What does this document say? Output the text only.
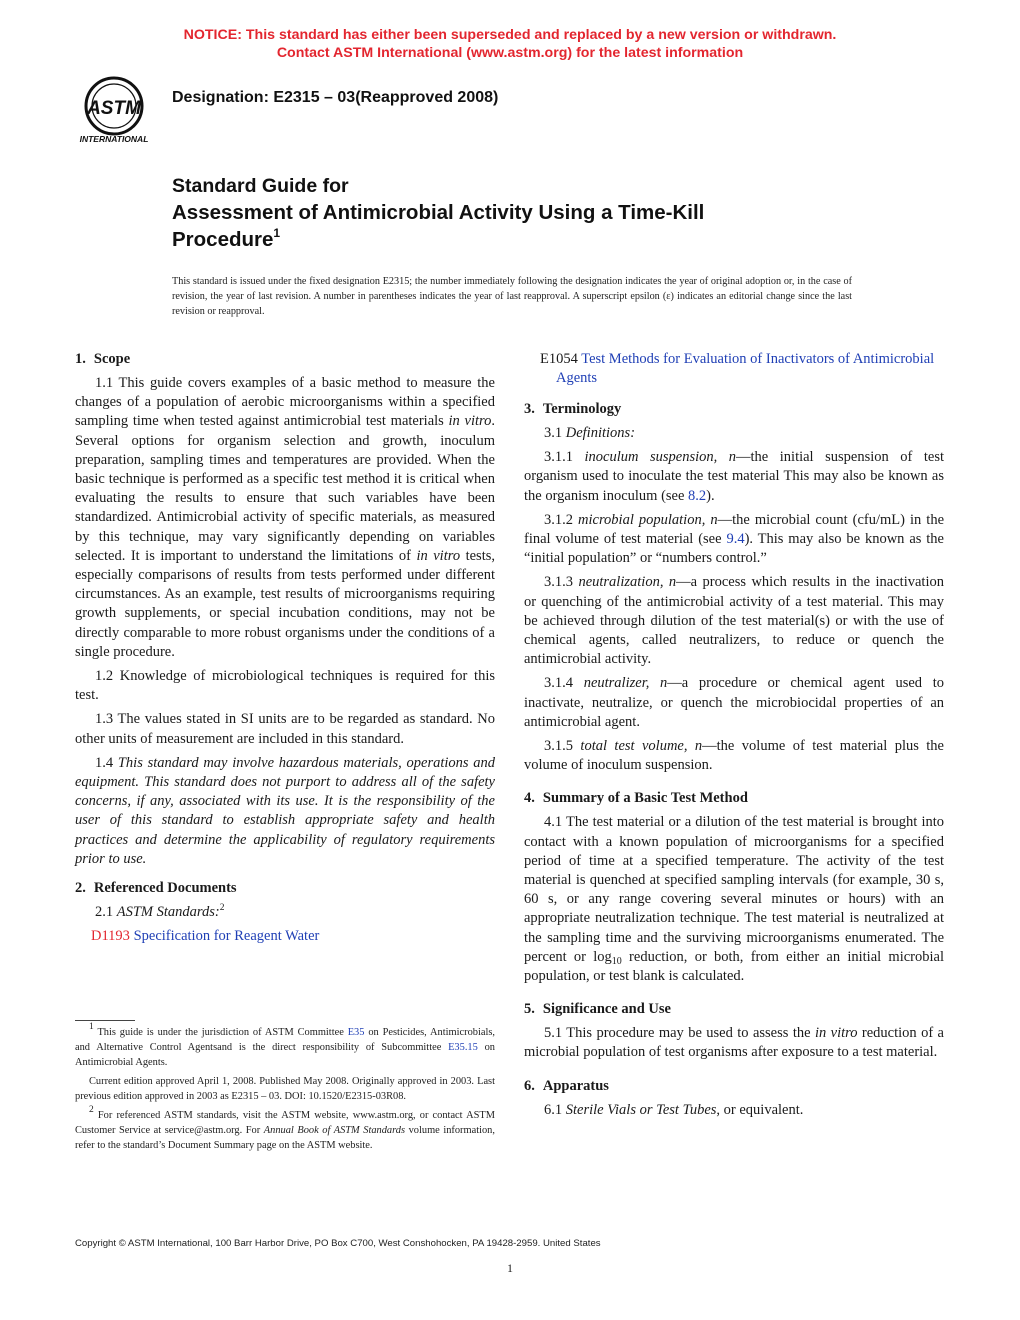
NOTICE: This standard has either been superseded and replaced by a new version or withdrawn.
Contact ASTM International (www.astm.org) for the latest information
ASTM
INTERNATIONAL
Designation: E2315 – 03(Reapproved 2008)
Standard Guide for
Assessment of Antimicrobial Activity Using a Time-Kill
Procedure$^1$
This standard is issued under the fixed designation E2315; the number immediately following the designation indicates the year of original adoption or, in the case of revision, the year of last revision. A number in parentheses indicates the year of last reapproval. A superscript epsilon (ε) indicates an editorial change since the last revision or reapproval.
1. Scope

1.1 This guide covers examples of a basic method to measure the changes of a population of aerobic microorganisms within a specified sampling time when tested against antimicrobial test materials in vitro. Several options for organism selection and growth, inoculum preparation, sampling times and temperatures are provided. When the basic technique is performed as a specific test method it is critical when evaluating the results to ensure that such variables have been standardized. Antimicrobial activity of specific materials, as measured by this technique, may vary significantly depending on variables selected. It is important to understand the limitations of in vitro tests, especially comparisons of results from tests performed under different circumstances. As an example, test results of microorganisms requiring growth supplements, or special incubation conditions, may not be directly comparable to more robust organisms under the conditions of a single procedure.

1.2 Knowledge of microbiological techniques is required for this test.

1.3 The values stated in SI units are to be regarded as standard. No other units of measurement are included in this standard.

1.4 This standard may involve hazardous materials, operations and equipment. This standard does not purport to address all of the safety concerns, if any, associated with its use. It is the responsibility of the user of this standard to establish appropriate safety and health practices and determine the applicability of regulatory requirements prior to use.

2. Referenced Documents

2.1 ASTM Standards:$^2$

D1193 Specification for Reagent Water
E1054 Test Methods for Evaluation of Inactivators of Antimicrobial Agents
3. Terminology

3.1 Definitions:

3.1.1 inoculum suspension, n—the initial suspension of test organism used to inoculate the test material This may also be known as the organism inoculum (see 8.2).

3.1.2 microbial population, n—the microbial count (cfu/mL) in the final volume of test material (see 9.4). This may also be known as the “initial population” or “numbers control.”

3.1.3 neutralization, n—a process which results in the inactivation or quenching of the antimicrobial activity of a test material. This may be achieved through dilution of the test material(s) or with the use of chemical agents, called neutralizers, to reduce or quench the antimicrobial activity.

3.1.4 neutralizer, n—a procedure or chemical agent used to inactivate, neutralize, or quench the microbiocidal properties of an antimicrobial agent.

3.1.5 total test volume, n—the volume of test material plus the volume of inoculum suspension.

4. Summary of a Basic Test Method

4.1 The test material or a dilution of the test material is brought into contact with a known population of microorganisms for a specified period of time at a specified temperature. The activity of the test material is quenched at specified sampling intervals (for example, 30 s, 60 s, or any range covering several minutes or hours) with an appropriate neutralization technique. The test material is neutralized at the sampling time and the surviving microorganisms enumerated. The percent or $\log_{10}$ reduction, or both, from either an initial microbial population, or test blank is calculated.

5. Significance and Use

5.1 This procedure may be used to assess the in vitro reduction of a microbial population of test organisms after exposure to a test material.

6. Apparatus

6.1 Sterile Vials or Test Tubes, or equivalent.

$^1$ This guide is under the jurisdiction of ASTM Committee E35 on Pesticides, Antimicrobials, and Alternative Control Agentsand is the direct responsibility of Subcommittee E35.15 on Antimicrobial Agents.

Current edition approved April 1, 2008. Published May 2008. Originally approved in 2003. Last previous edition approved in 2003 as E2315 – 03. DOI: 10.1520/E2315-03R08.

$^2$ For referenced ASTM standards, visit the ASTM website, www.astm.org, or contact ASTM Customer Service at service@astm.org. For Annual Book of ASTM Standards volume information, refer to the standard’s Document Summary page on the ASTM website.

Copyright © ASTM International, 100 Barr Harbor Drive, PO Box C700, West Conshohocken, PA 19428-2959. United States
1
